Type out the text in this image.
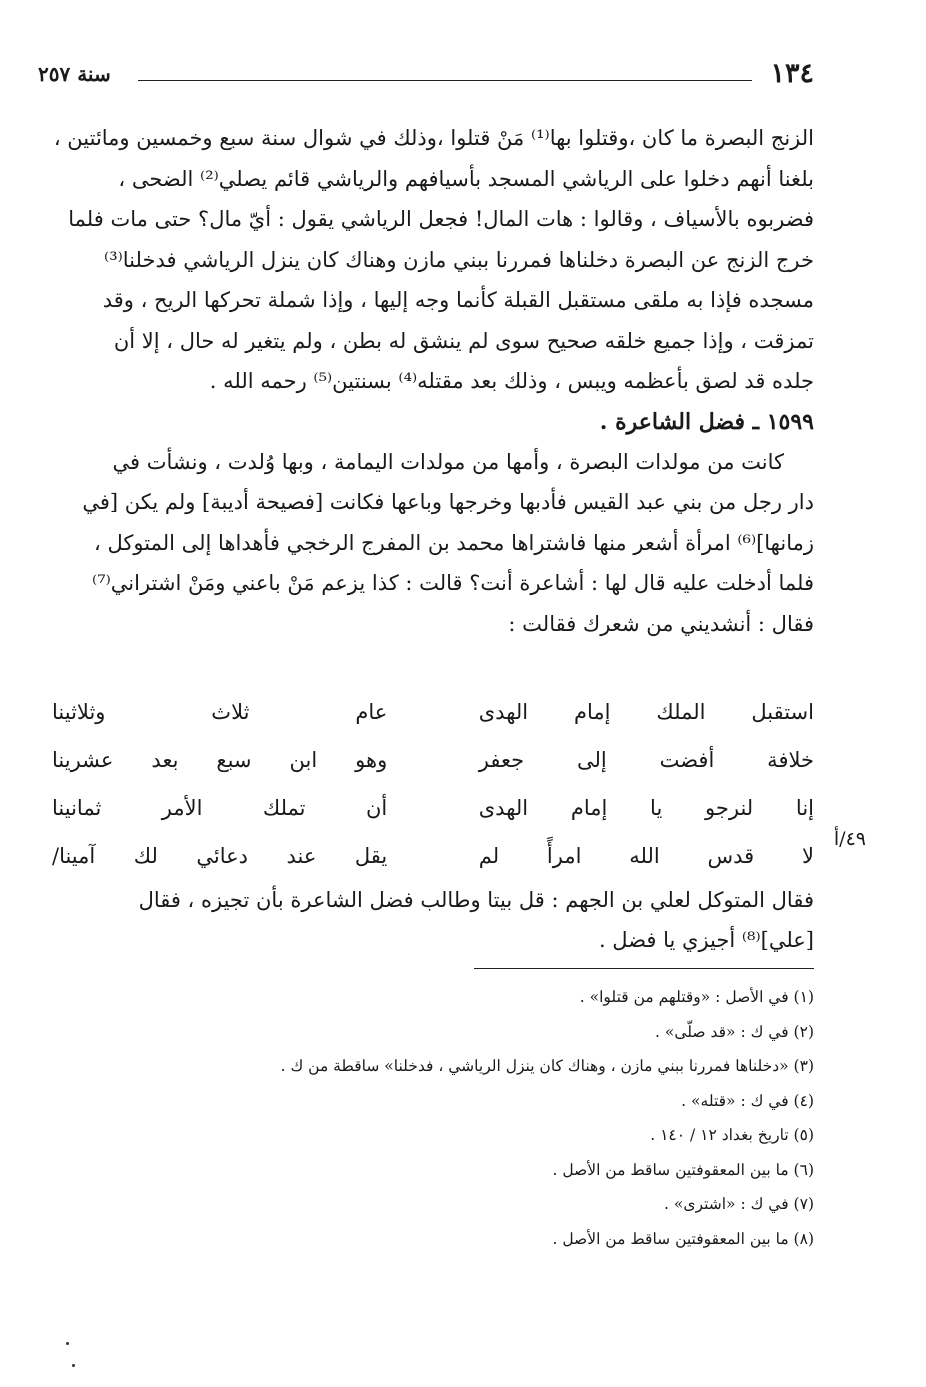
١٣٤
سنة ٢٥٧

الزنج البصرة ما كان ،وقتلوا بها⁽¹⁾ مَنْ قتلوا ،وذلك في شوال سنة سبع وخمسين ومائتين ،

بلغنا أنهم دخلوا على الرياشي المسجد بأسيافهم والرياشي قائم يصلي⁽²⁾ الضحى ،

فضربوه بالأسياف ، وقالوا : هات المال! فجعل الرياشي يقول : أيّ مال؟ حتى مات فلما

خرج الزنج عن البصرة دخلناها فمررنا ببني مازن وهناك كان ينزل الرياشي فدخلنا⁽³⁾

مسجده فإذا به ملقى مستقبل القبلة كأنما وجه إليها ، وإذا شملة تحركها الريح ، وقد

تمزقت ، وإذا جميع خلقه صحيح سوى لم ينشق له بطن ، ولم يتغير له حال ، إلا أن

جلده قد لصق بأعظمه ويبس ، وذلك بعد مقتله⁽⁴⁾ بسنتين⁽⁵⁾ رحمه الله .

١٥٩٩ ـ فضل الشاعرة .

كانت من مولدات البصرة ، وأمها من مولدات اليمامة ، وبها وُلدت ، ونشأت في

دار رجل من بني عبد القيس فأدبها وخرجها وباعها فكانت [فصيحة أديبة] ولم يكن [في

زمانها]⁽⁶⁾ امرأة أشعر منها فاشتراها محمد بن المفرج الرخجي فأهداها إلى المتوكل ،

فلما أدخلت عليه قال لها : أشاعرة أنت؟ قالت : كذا يزعم مَنْ باعني ومَنْ اشتراني⁽⁷⁾

فقال : أنشديني من شعرك فقالت :

استقبل الملك إمام الهدى
عام ثلاث وثلاثينا
خلافة أفضت إلى جعفر
وهو ابن سبع بعد عشرينا
إنا لنرجو يا إمام الهدى
أن تملك الأمر ثمانينا
لا قدس الله امرأً لم
يقل عند دعائي لك آمينا/
٤٩/أ

فقال المتوكل لعلي بن الجهم : قل بيتا وطالب فضل الشاعرة بأن تجيزه ، فقال

[علي]⁽⁸⁾ أجيزي يا فضل .

(١) في الأصل : «وقتلهم من قتلوا» .
(٢) في ك : «قد صلّى» .
(٣) «دخلناها فمررنا ببني مازن ، وهناك كان ينزل الرياشي ، فدخلنا» ساقطة من ك .
(٤) في ك : «قتله» .
(٥) تاريخ بغداد ١٢ / ١٤٠ .
(٦) ما بين المعقوفتين ساقط من الأصل .
(٧) في ك : «اشترى» .
(٨) ما بين المعقوفتين ساقط من الأصل .
